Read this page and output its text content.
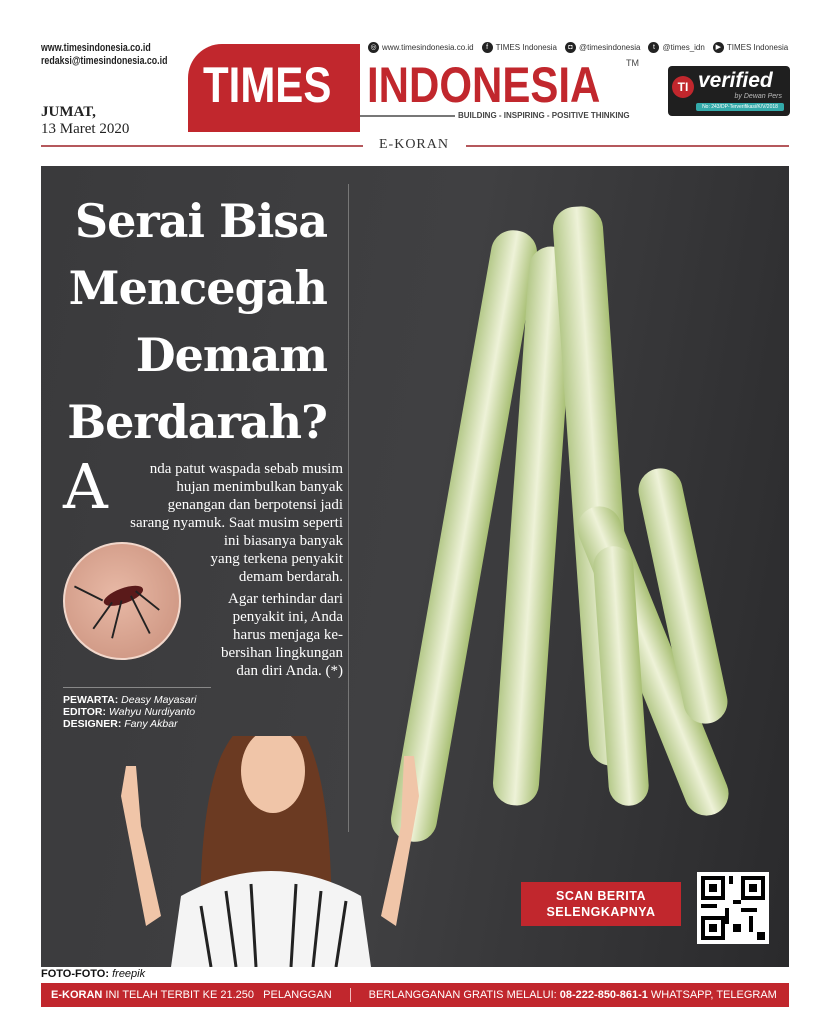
www.timesindonesia.co.id
redaksi@timesindonesia.co.id
JUMAT,
13 Maret 2020
TIMES INDONESIA	TM
BUILDING - INSPIRING - POSITIVE THINKING
◎ www.timesindonesia.co.id	f TIMES Indonesia	◘ @timesindonesia	t @times_idn	▶ TIMES Indonesia
TI verified
by Dewan Pers
No: 243/DP-Terverifikasi/K/V/2018
E-KORAN
Serai Bisa
Mencegah
Demam
Berdarah?
A	nda patut waspada sebab musim
hujan menimbulkan banyak
genangan dan berpotensi jadi
sarang nyamuk. Saat musim seperti
ini biasanya banyak
yang terkena penyakit
demam berdarah.
Agar terhindar dari
penyakit ini, Anda
harus menjaga ke-
bersihan lingkungan
dan diri Anda. (*)
PEWARTA: Deasy Mayasari
EDITOR: Wahyu Nurdiyanto
DESIGNER: Fany Akbar
SCAN BERITA
SELENGKAPNYA
FOTO-FOTO: freepik
E-KORAN
INI TELAH TERBIT KE
21.250
PELANGGAN	BERLANGGANAN GRATIS MELALUI:
08-222-850-861-1
WHATSAPP, TELEGRAM
